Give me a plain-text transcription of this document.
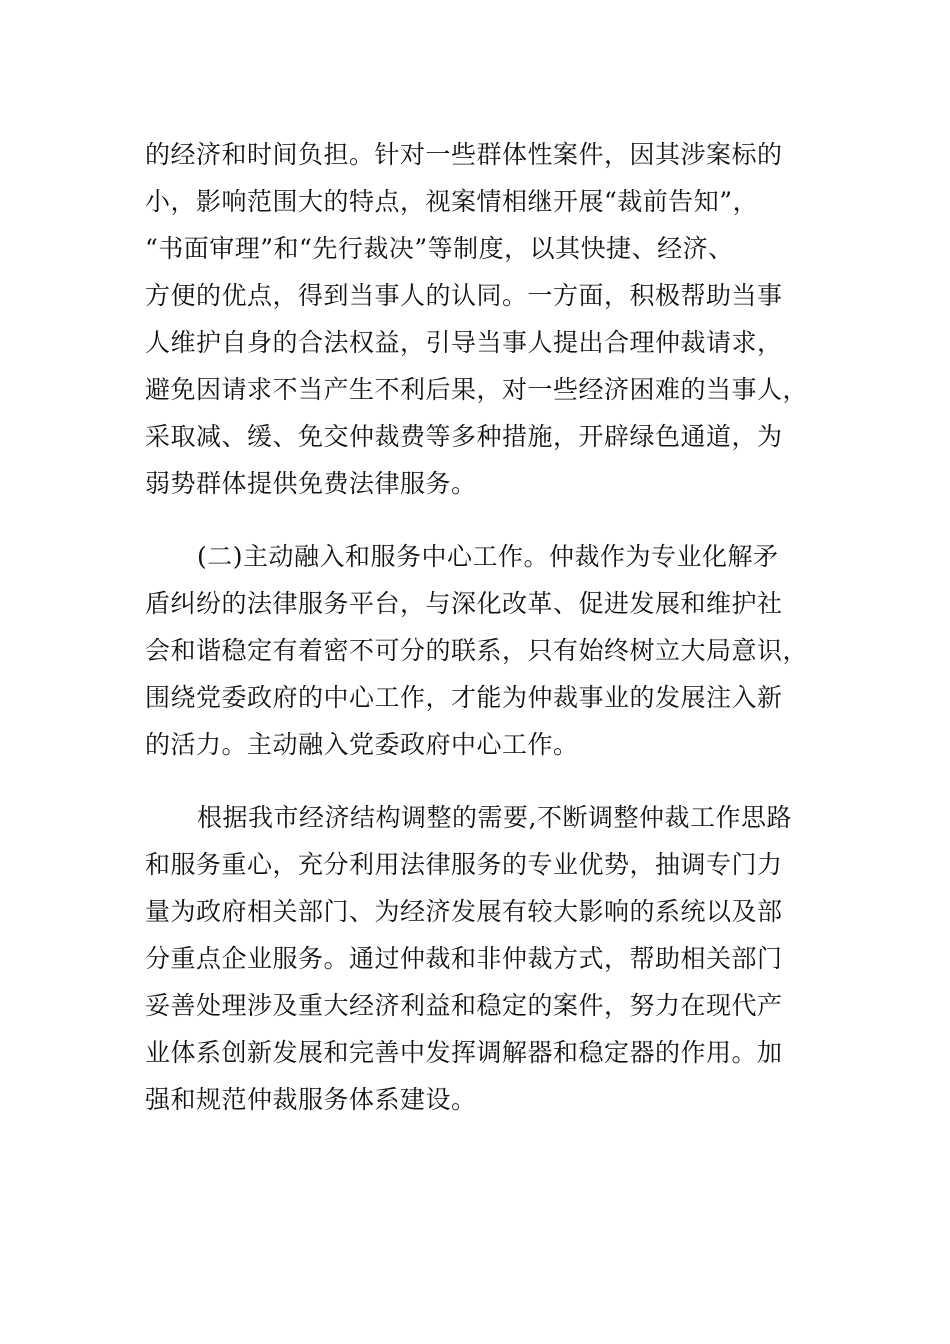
的经济和时间负担。针对一些群体性案件，因其涉案标的
小，影响范围大的特点，视案情相继开展“裁前告知”，
“书面审理”和“先行裁决”等制度，以其快捷、经济、
方便的优点，得到当事人的认同。一方面，积极帮助当事
人维护自身的合法权益，引导当事人提出合理仲裁请求，
避免因请求不当产生不利后果，对一些经济困难的当事人，
采取减、缓、免交仲裁费等多种措施，开辟绿色通道，为
弱势群体提供免费法律服务。

(二)主动融入和服务中心工作。仲裁作为专业化解矛
盾纠纷的法律服务平台，与深化改革、促进发展和维护社
会和谐稳定有着密不可分的联系，只有始终树立大局意识，
围绕党委政府的中心工作，才能为仲裁事业的发展注入新
的活力。主动融入党委政府中心工作。

根据我市经济结构调整的需要,不断调整仲裁工作思路
和服务重心，充分利用法律服务的专业优势，抽调专门力
量为政府相关部门、为经济发展有较大影响的系统以及部
分重点企业服务。通过仲裁和非仲裁方式，帮助相关部门
妥善处理涉及重大经济利益和稳定的案件，努力在现代产
业体系创新发展和完善中发挥调解器和稳定器的作用。加
强和规范仲裁服务体系建设。
